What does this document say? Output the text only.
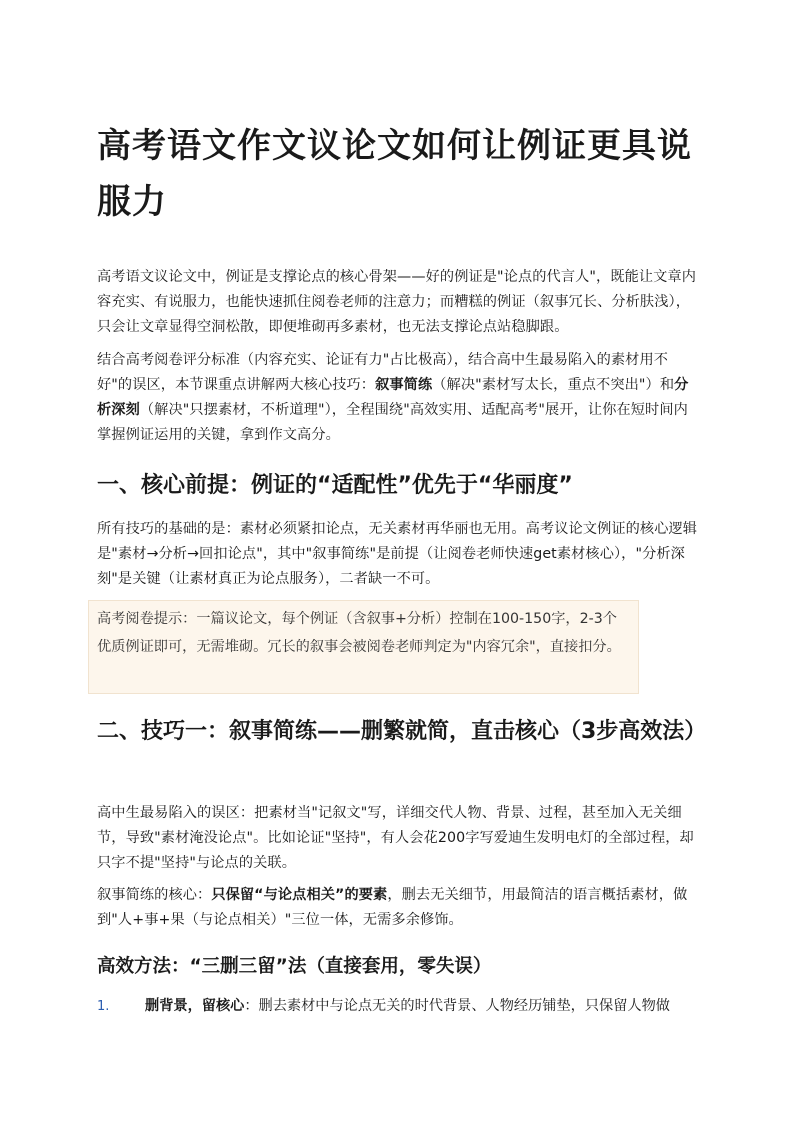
高考语文作文议论文如何让例证更具说服力

高考语文议论文中，例证是支撑论点的核心骨架——好的例证是"论点的代言人"，既能让文章内容充实、有说服力，也能快速抓住阅卷老师的注意力；而糟糕的例证（叙事冗长、分析肤浅），只会让文章显得空洞松散，即便堆砌再多素材，也无法支撑论点站稳脚跟。

结合高考阅卷评分标准（内容充实、论证有力"占比极高），结合高中生最易陷入的素材用不好"的误区，本节课重点讲解两大核心技巧：叙事简练（解决"素材写太长，重点不突出"）和分析深刻（解决"只摆素材，不析道理"），全程围绕"高效实用、适配高考"展开，让你在短时间内掌握例证运用的关键，拿到作文高分。

一、核心前提：例证的“适配性”优先于“华丽度”

所有技巧的基础的是：素材必须紧扣论点，无关素材再华丽也无用。高考议论文例证的核心逻辑是"素材→分析→回扣论点"，其中"叙事简练"是前提（让阅卷老师快速get素材核心），"分析深刻"是关键（让素材真正为论点服务），二者缺一不可。

高考阅卷提示：一篇议论文，每个例证（含叙事+分析）控制在100-150字，2-3个优质例证即可，无需堆砌。冗长的叙事会被阅卷老师判定为"内容冗余"，直接扣分。
二、技巧一：叙事简练——删繁就简，直击核心（3步高效法）

高中生最易陷入的误区：把素材当"记叙文"写，详细交代人物、背景、过程，甚至加入无关细节，导致"素材淹没论点"。比如论证"坚持"，有人会花200字写爱迪生发明电灯的全部过程，却只字不提"坚持"与论点的关联。

叙事简练的核心：只保留“与论点相关”的要素，删去无关细节，用最简洁的语言概括素材，做到"人+事+果（与论点相关）"三位一体，无需多余修饰。

高效方法：“三删三留”法（直接套用，零失误）
1.	删背景，留核心：删去素材中与论点无关的时代背景、人物经历铺垫，只保留人物做
